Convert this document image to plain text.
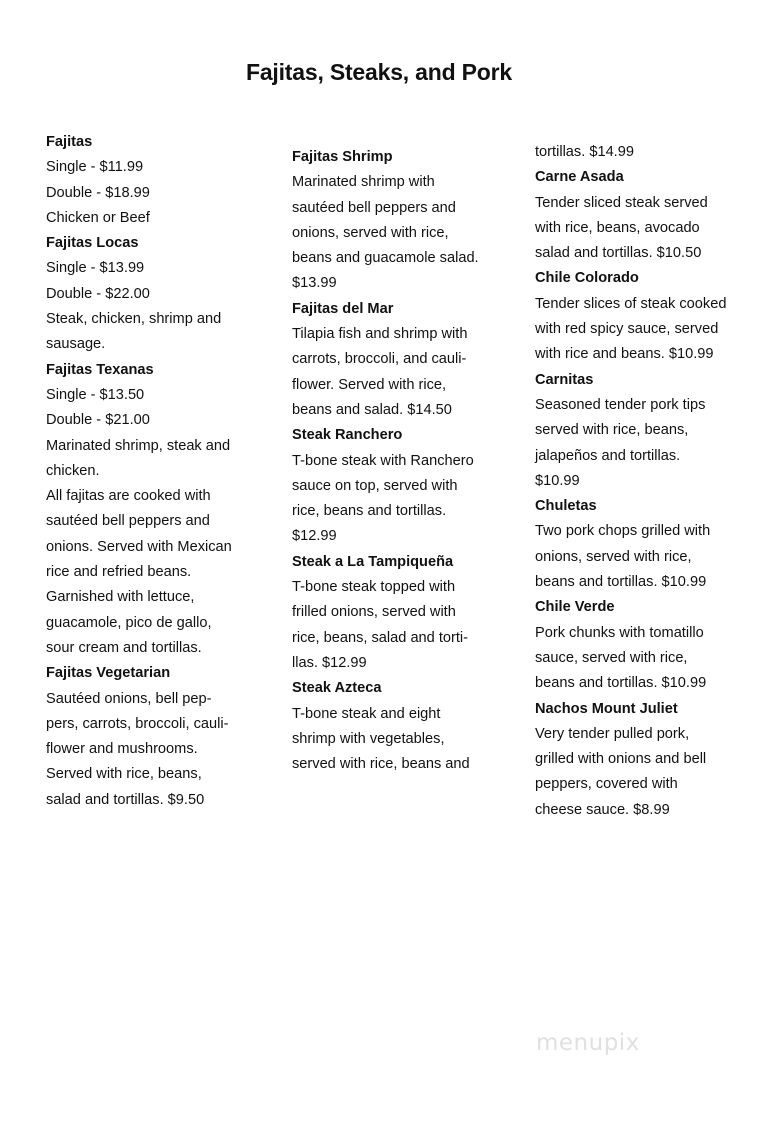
Fajitas, Steaks, and Pork
Fajitas
Single - $11.99
Double - $18.99
Chicken or Beef
Fajitas Locas
Single - $13.99
Double - $22.00
Steak, chicken, shrimp and
sausage.
Fajitas Texanas
Single - $13.50
Double - $21.00
Marinated shrimp, steak and
chicken.
All fajitas are cooked with
sautéed bell peppers and
onions. Served with Mexican
rice and refried beans.
Garnished with lettuce,
guacamole, pico de gallo,
sour cream and tortillas.
Fajitas Vegetarian
Sautéed onions, bell pep-
pers, carrots, broccoli, cauli-
flower and mushrooms.
Served with rice, beans,
salad and tortillas. $9.50
Fajitas Shrimp
Marinated shrimp with
sautéed bell peppers and
onions, served with rice,
beans and guacamole salad.
$13.99
Fajitas del Mar
Tilapia fish and shrimp with
carrots, broccoli, and cauli-
flower. Served with rice,
beans and salad. $14.50
Steak Ranchero
T-bone steak with Ranchero
sauce on top, served with
rice, beans and tortillas.
$12.99
Steak a La Tampiqueña
T-bone steak topped with
frilled onions, served with
rice, beans, salad and torti-
llas. $12.99
Steak Azteca
T-bone steak and eight
shrimp with vegetables,
served with rice, beans and
tortillas. $14.99
Carne Asada
Tender sliced steak served
with rice, beans, avocado
salad and tortillas. $10.50
Chile Colorado
Tender slices of steak cooked
with red spicy sauce, served
with rice and beans. $10.99
Carnitas
Seasoned tender pork tips
served with rice, beans,
jalapeños and tortillas.
$10.99
Chuletas
Two pork chops grilled with
onions, served with rice,
beans and tortillas. $10.99
Chile Verde
Pork chunks with tomatillo
sauce, served with rice,
beans and tortillas. $10.99
Nachos Mount Juliet
Very tender pulled pork,
grilled with onions and bell
peppers, covered with
cheese sauce. $8.99
menupix
